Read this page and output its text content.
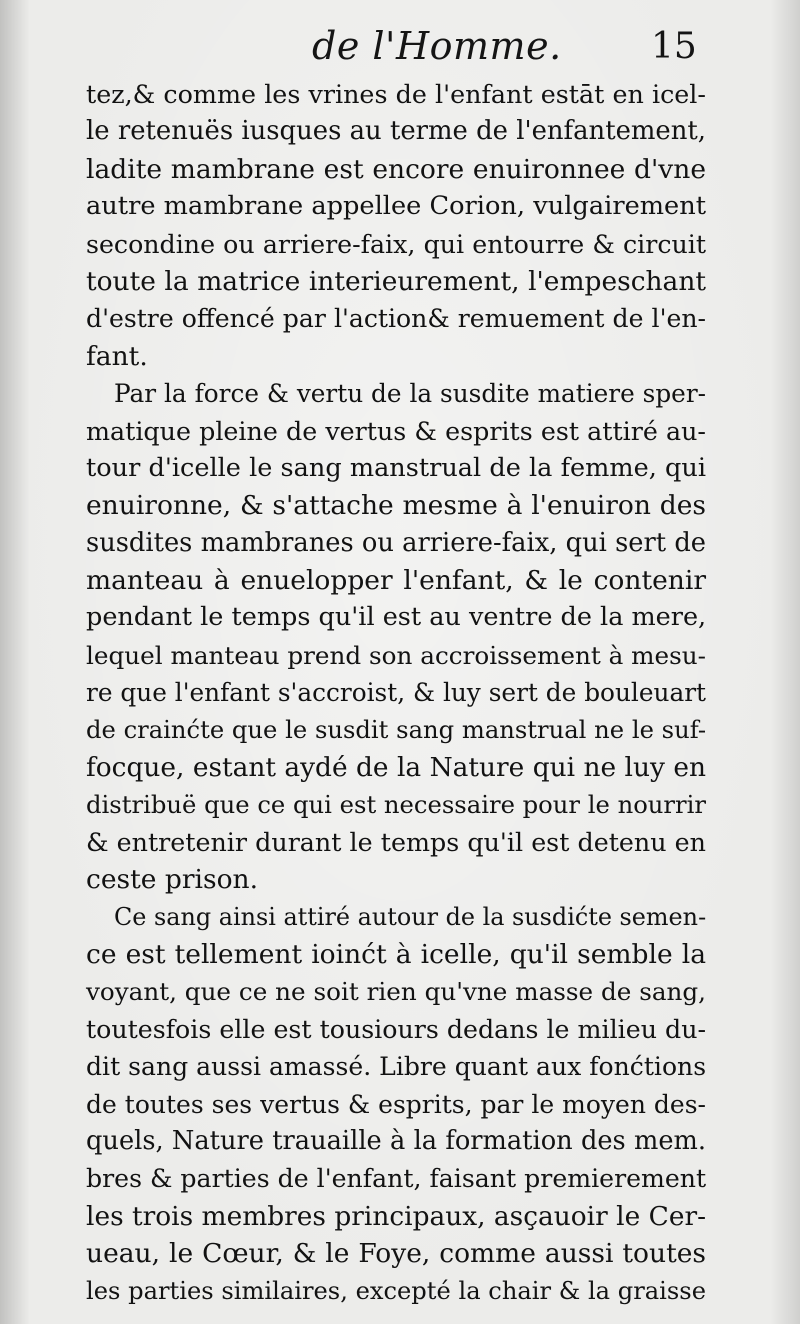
de l'Homme. 15
tez,& comme les vrines de l'enfant estāt en icel-
le retenuës iusques au terme de l'enfantement,
ladite mambrane est encore enuironnee d'vne
autre mambrane appellee Corion, vulgairement
secondine ou arriere-faix, qui entourre & circuit
toute la matrice interieurement, l'empeschant
d'estre offencé par l'action& remuement de l'en-
fant.
Par la force & vertu de la susdite matiere sper-
matique pleine de vertus & esprits est attiré au-
tour d'icelle le sang manstrual de la femme, qui
enuironne, & s'attache mesme à l'enuiron des
susdites mambranes ou arriere-faix, qui sert de
manteau à enuelopper l'enfant, & le contenir
pendant le temps qu'il est au ventre de la mere,
lequel manteau prend son accroissement à mesu-
re que l'enfant s'accroist, & luy sert de bouleuart
de crainćte que le susdit sang manstrual ne le suf-
focque, estant aydé de la Nature qui ne luy en
distribuë que ce qui est necessaire pour le nourrir
& entretenir durant le temps qu'il est detenu en
ceste prison.
Ce sang ainsi attiré autour de la susdićte semen-
ce est tellement ioinćt à icelle, qu'il semble la
voyant, que ce ne soit rien qu'vne masse de sang,
toutesfois elle est tousiours dedans le milieu du-
dit sang aussi amassé. Libre quant aux fonćtions
de toutes ses vertus & esprits, par le moyen des-
quels, Nature trauaille à la formation des mem.
bres & parties de l'enfant, faisant premierement
les trois membres principaux, asçauoir le Cer-
ueau, le Cœur, & le Foye, comme aussi toutes
les parties similaires, excepté la chair & la graisse
